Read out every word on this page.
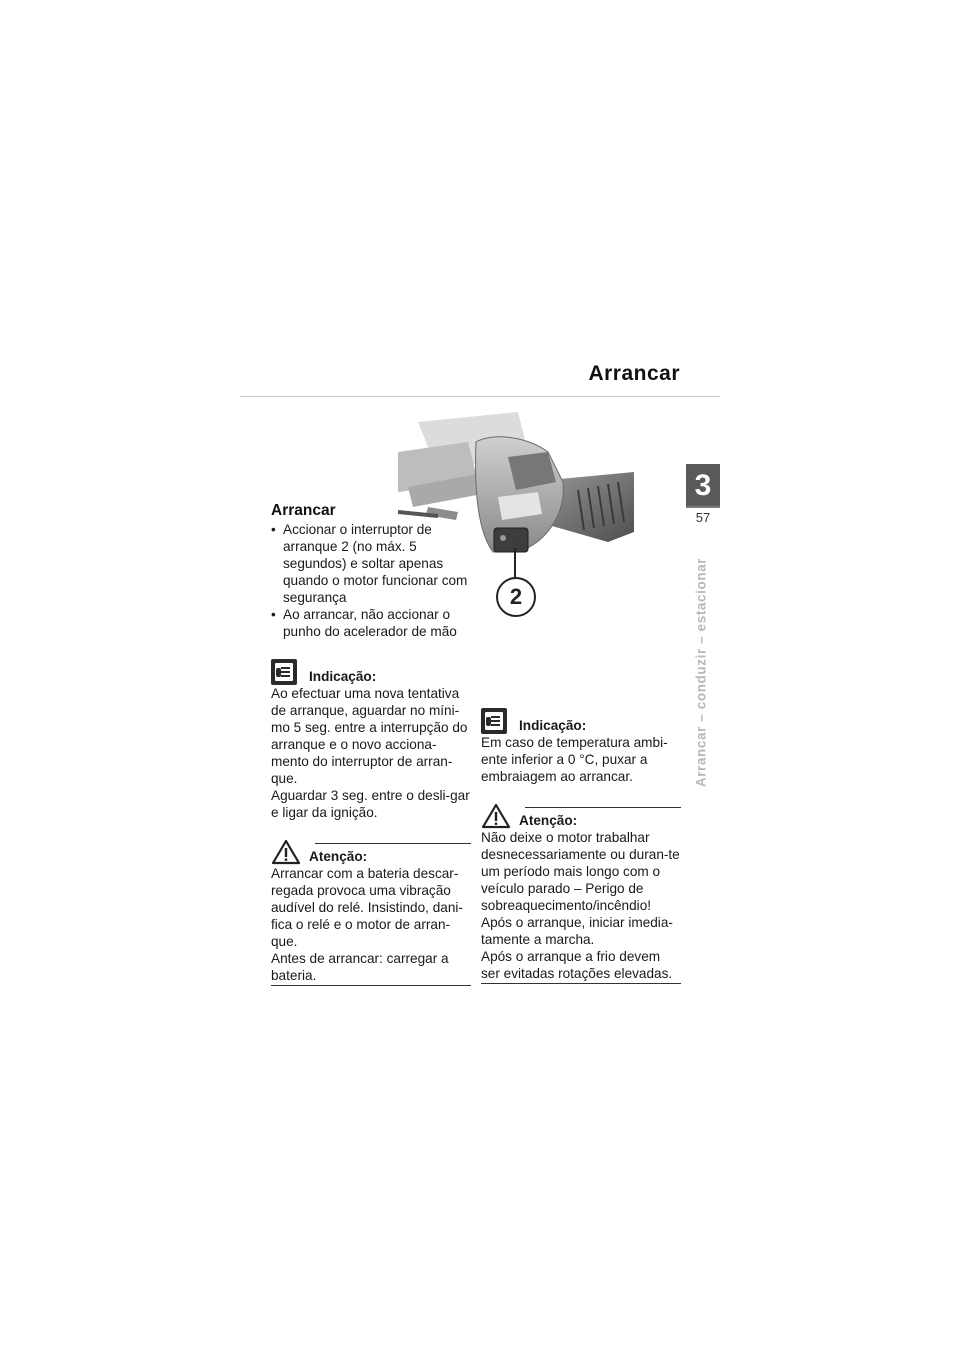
Arrancar
3
57
Arrancar – conduzir – estacionar
2
Arrancar
• Accionar o interruptor de arranque 2 (no máx. 5 segundos) e soltar apenas quando o motor funcionar com segurança
• Ao arrancar, não accionar o punho do acelerador de mão
Indicação:

Ao efectuar uma nova tentativa de arranque, aguardar no míni-mo 5 seg. entre a interrupção do arranque e o novo acciona-mento do interruptor de arran-que.

Aguardar 3 seg. entre o desli-gar e ligar da ignição.

Atenção:

Arrancar com a bateria descar-regada provoca uma vibração audível do relé. Insistindo, dani-fica o relé e o motor de arran-que.

Antes de arrancar: carregar a bateria.

Indicação:

Em caso de temperatura ambi-ente inferior a 0 °C, puxar a embraiagem ao arrancar.

Atenção:

Não deixe o motor trabalhar desnecessariamente ou duran-te um período mais longo com o veículo parado – Perigo de sobreaquecimento/incêndio!

Após o arranque, iniciar imedia-tamente a marcha.

Após o arranque a frio devem ser evitadas rotações elevadas.
